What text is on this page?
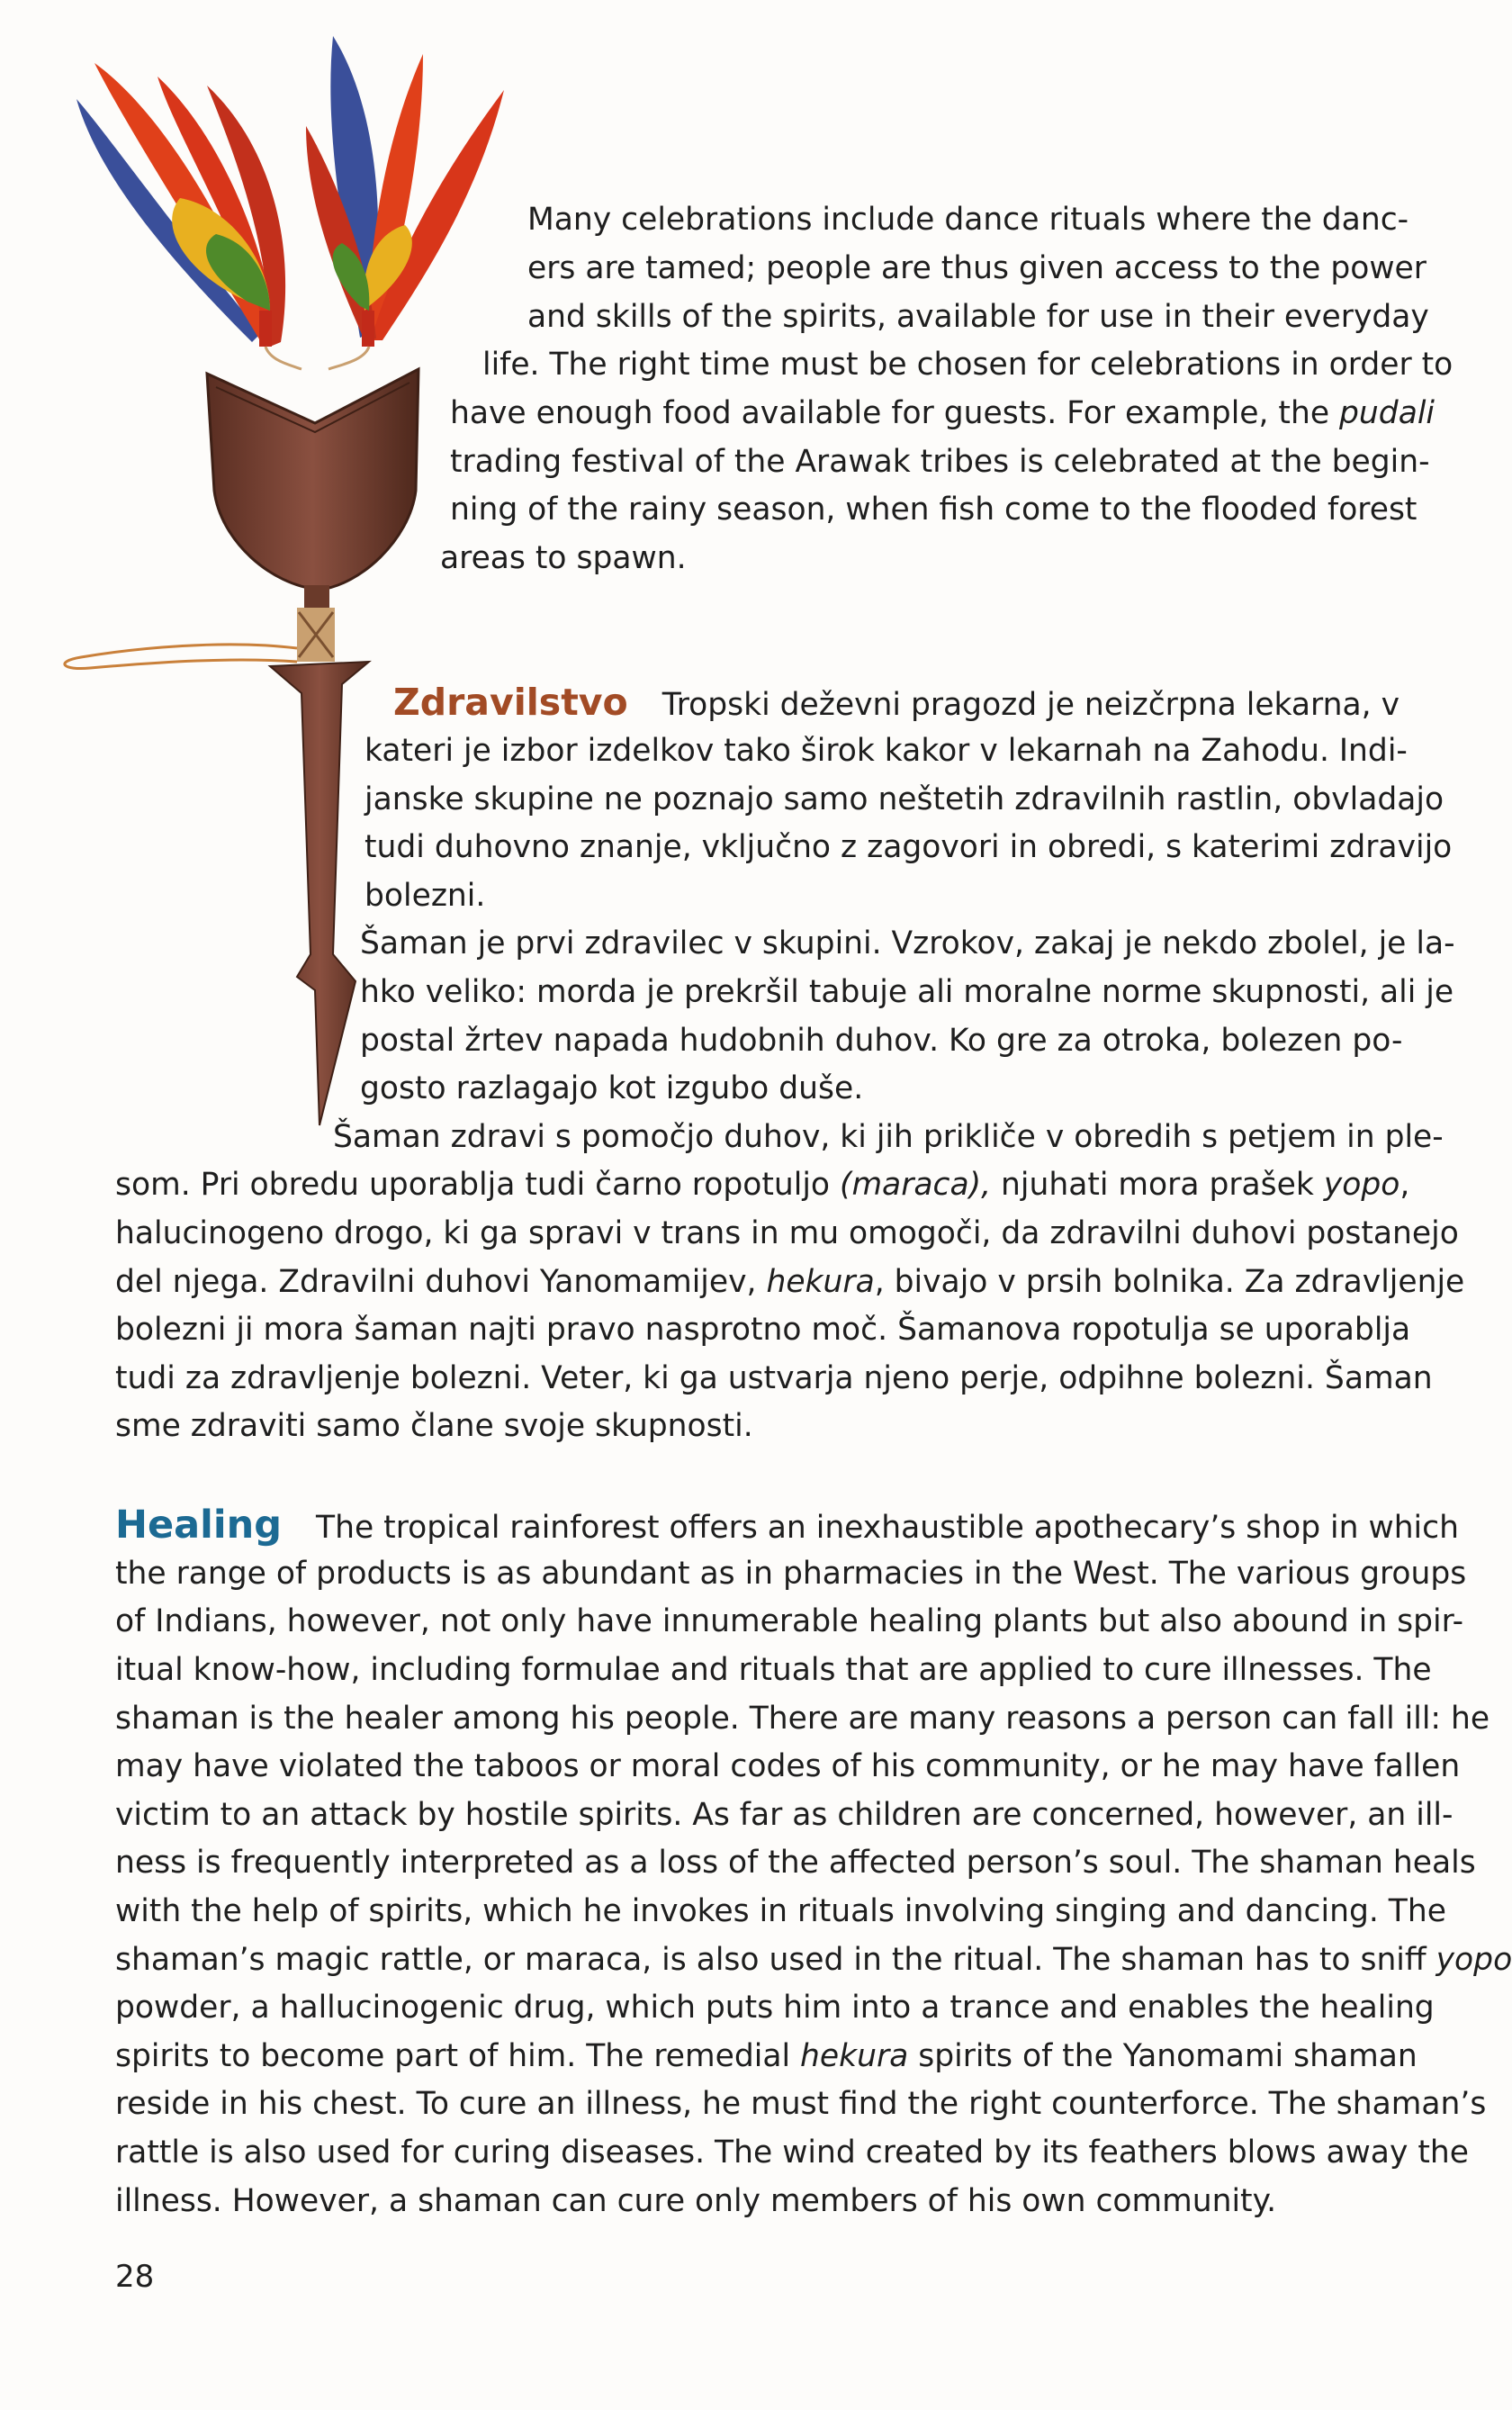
Many celebrations include dance rituals where the danc-
ers are tamed; people are thus given access to the power
and skills of the spirits, available for use in their everyday
life. The right time must be chosen for celebrations in order to
have enough food available for guests. For example, the pudali
trading festival of the Arawak tribes is celebrated at the begin-
ning of the rainy season, when fish come to the flooded forest
areas to spawn.
Zdravilstvo Tropski deževni pragozd je neizčrpna lekarna, v
kateri je izbor izdelkov tako širok kakor v lekarnah na Zahodu. Indi-
janske skupine ne poznajo samo neštetih zdravilnih rastlin, obvladajo
tudi duhovno znanje, vključno z zagovori in obredi, s katerimi zdravijo
bolezni.
Šaman je prvi zdravilec v skupini. Vzrokov, zakaj je nekdo zbolel, je la-
hko veliko: morda je prekršil tabuje ali moralne norme skupnosti, ali je
postal žrtev napada hudobnih duhov. Ko gre za otroka, bolezen po-
gosto razlagajo kot izgubo duše.
Šaman zdravi s pomočjo duhov, ki jih prikliče v obredih s petjem in ple-
som. Pri obredu uporablja tudi čarno ropotuljo (maraca), njuhati mora prašek yopo,
halucinogeno drogo, ki ga spravi v trans in mu omogoči, da zdravilni duhovi postanejo
del njega. Zdravilni duhovi Yanomamijev, hekura, bivajo v prsih bolnika. Za zdravljenje
bolezni ji mora šaman najti pravo nasprotno moč. Šamanova ropotulja se uporablja
tudi za zdravljenje bolezni. Veter, ki ga ustvarja njeno perje, odpihne bolezni. Šaman
sme zdraviti samo člane svoje skupnosti.
Healing The tropical rainforest offers an inexhaustible apothecary’s shop in which
the range of products is as abundant as in pharmacies in the West. The various groups
of Indians, however, not only have innumerable healing plants but also abound in spir-
itual know-how, including formulae and rituals that are applied to cure illnesses. The
shaman is the healer among his people. There are many reasons a person can fall ill: he
may have violated the taboos or moral codes of his community, or he may have fallen
victim to an attack by hostile spirits. As far as children are concerned, however, an ill-
ness is frequently interpreted as a loss of the affected person’s soul. The shaman heals
with the help of spirits, which he invokes in rituals involving singing and dancing. The
shaman’s magic rattle, or maraca, is also used in the ritual. The shaman has to sniff yopo
powder, a hallucinogenic drug, which puts him into a trance and enables the healing
spirits to become part of him. The remedial hekura spirits of the Yanomami shaman
reside in his chest. To cure an illness, he must find the right counterforce. The shaman’s
rattle is also used for curing diseases. The wind created by its feathers blows away the
illness. However, a shaman can cure only members of his own community.
28
